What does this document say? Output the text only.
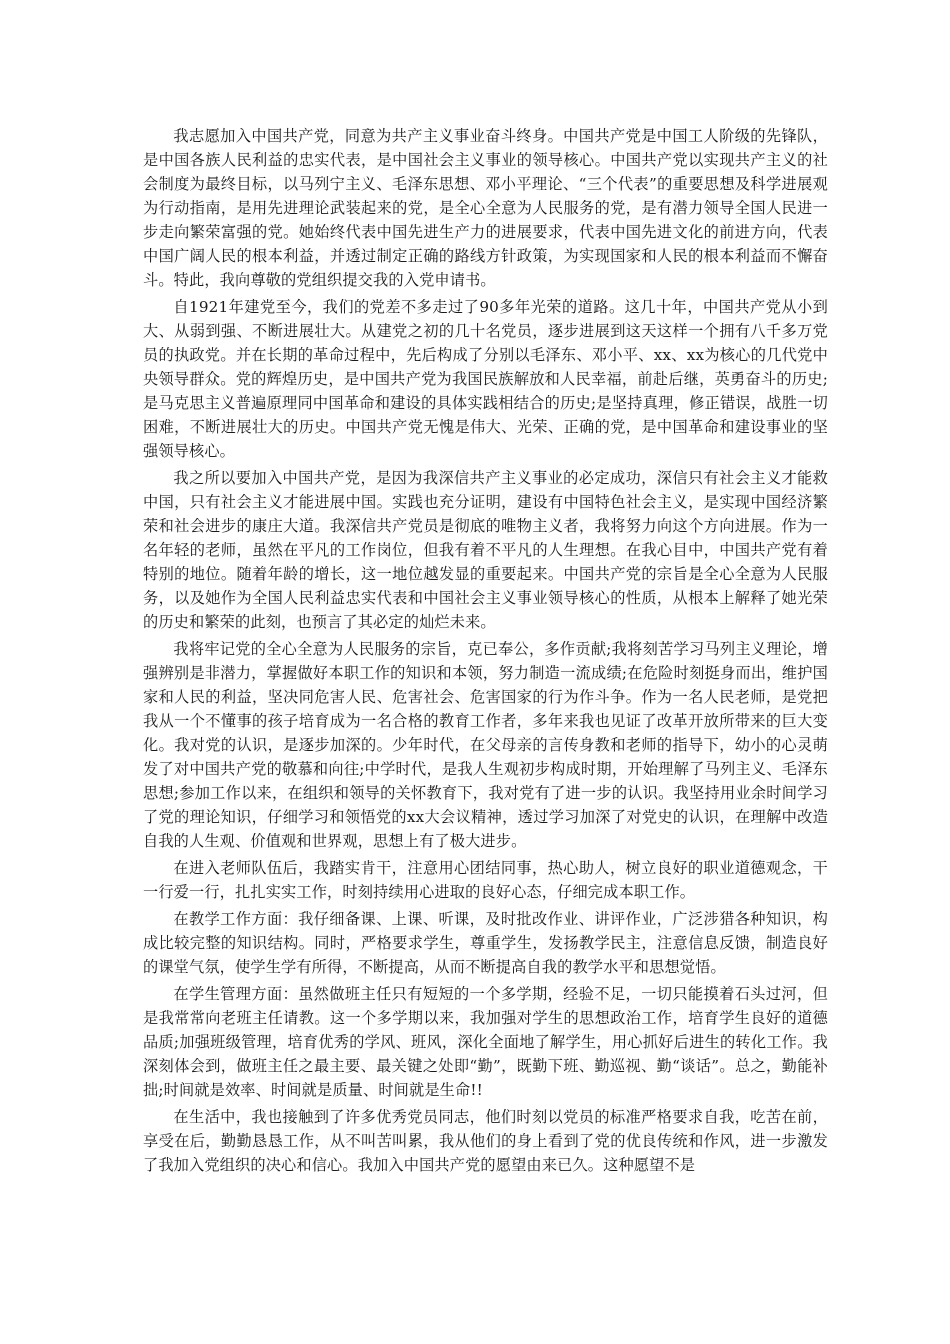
我志愿加入中国共产党，同意为共产主义事业奋斗终身。中国共产党是中国工人阶级的先锋队，是中国各族人民利益的忠实代表，是中国社会主义事业的领导核心。中国共产党以实现共产主义的社会制度为最终目标，以马列宁主义、毛泽东思想、邓小平理论、“三个代表”的重要思想及科学进展观为行动指南，是用先进理论武装起来的党，是全心全意为人民服务的党，是有潜力领导全国人民进一步走向繁荣富强的党。她始终代表中国先进生产力的进展要求，代表中国先进文化的前进方向，代表中国广阔人民的根本利益，并透过制定正确的路线方针政策，为实现国家和人民的根本利益而不懈奋斗。特此，我向尊敬的党组织提交我的入党申请书。

自1921年建党至今，我们的党差不多走过了90多年光荣的道路。这几十年，中国共产党从小到大、从弱到强、不断进展壮大。从建党之初的几十名党员，逐步进展到这天这样一个拥有八千多万党员的执政党。并在长期的革命过程中，先后构成了分别以毛泽东、邓小平、xx、xx为核心的几代党中央领导群众。党的辉煌历史，是中国共产党为我国民族解放和人民幸福，前赴后继，英勇奋斗的历史;是马克思主义普遍原理同中国革命和建设的具体实践相结合的历史;是坚持真理，修正错误，战胜一切困难，不断进展壮大的历史。中国共产党无愧是伟大、光荣、正确的党，是中国革命和建设事业的坚强领导核心。

我之所以要加入中国共产党，是因为我深信共产主义事业的必定成功，深信只有社会主义才能救中国，只有社会主义才能进展中国。实践也充分证明，建设有中国特色社会主义，是实现中国经济繁荣和社会进步的康庄大道。我深信共产党员是彻底的唯物主义者，我将努力向这个方向进展。作为一名年轻的老师，虽然在平凡的工作岗位，但我有着不平凡的人生理想。在我心目中，中国共产党有着特别的地位。随着年龄的增长，这一地位越发显的重要起来。中国共产党的宗旨是全心全意为人民服务，以及她作为全国人民利益忠实代表和中国社会主义事业领导核心的性质，从根本上解释了她光荣的历史和繁荣的此刻，也预言了其必定的灿烂未来。

我将牢记党的全心全意为人民服务的宗旨，克已奉公，多作贡献;我将刻苦学习马列主义理论，增强辨别是非潜力，掌握做好本职工作的知识和本领，努力制造一流成绩;在危险时刻挺身而出，维护国家和人民的利益，坚决同危害人民、危害社会、危害国家的行为作斗争。作为一名人民老师，是党把我从一个不懂事的孩子培育成为一名合格的教育工作者，多年来我也见证了改革开放所带来的巨大变化。我对党的认识，是逐步加深的。少年时代，在父母亲的言传身教和老师的指导下，幼小的心灵萌发了对中国共产党的敬慕和向往;中学时代，是我人生观初步构成时期，开始理解了马列主义、毛泽东思想;参加工作以来，在组织和领导的关怀教育下，我对党有了进一步的认识。我坚持用业余时间学习了党的理论知识，仔细学习和领悟党的xx大会议精神，透过学习加深了对党史的认识，在理解中改造自我的人生观、价值观和世界观，思想上有了极大进步。

在进入老师队伍后，我踏实肯干，注意用心团结同事，热心助人，树立良好的职业道德观念，干一行爱一行，扎扎实实工作，时刻持续用心进取的良好心态，仔细完成本职工作。

在教学工作方面：我仔细备课、上课、听课，及时批改作业、讲评作业，广泛涉猎各种知识，构成比较完整的知识结构。同时，严格要求学生，尊重学生，发扬教学民主，注意信息反馈，制造良好的课堂气氛，使学生学有所得，不断提高，从而不断提高自我的教学水平和思想觉悟。

在学生管理方面：虽然做班主任只有短短的一个多学期，经验不足，一切只能摸着石头过河，但是我常常向老班主任请教。这一个多学期以来，我加强对学生的思想政治工作，培育学生良好的道德品质;加强班级管理，培育优秀的学风、班风，深化全面地了解学生，用心抓好后进生的转化工作。我深刻体会到，做班主任之最主要、最关键之处即“勤”，既勤下班、勤巡视、勤“谈话”。总之，勤能补拙;时间就是效率、时间就是质量、时间就是生命!!

在生活中，我也接触到了许多优秀党员同志，他们时刻以党员的标准严格要求自我，吃苦在前，享受在后，勤勤恳恳工作，从不叫苦叫累，我从他们的身上看到了党的优良传统和作风，进一步激发了我加入党组织的决心和信心。我加入中国共产党的愿望由来已久。这种愿望不是
